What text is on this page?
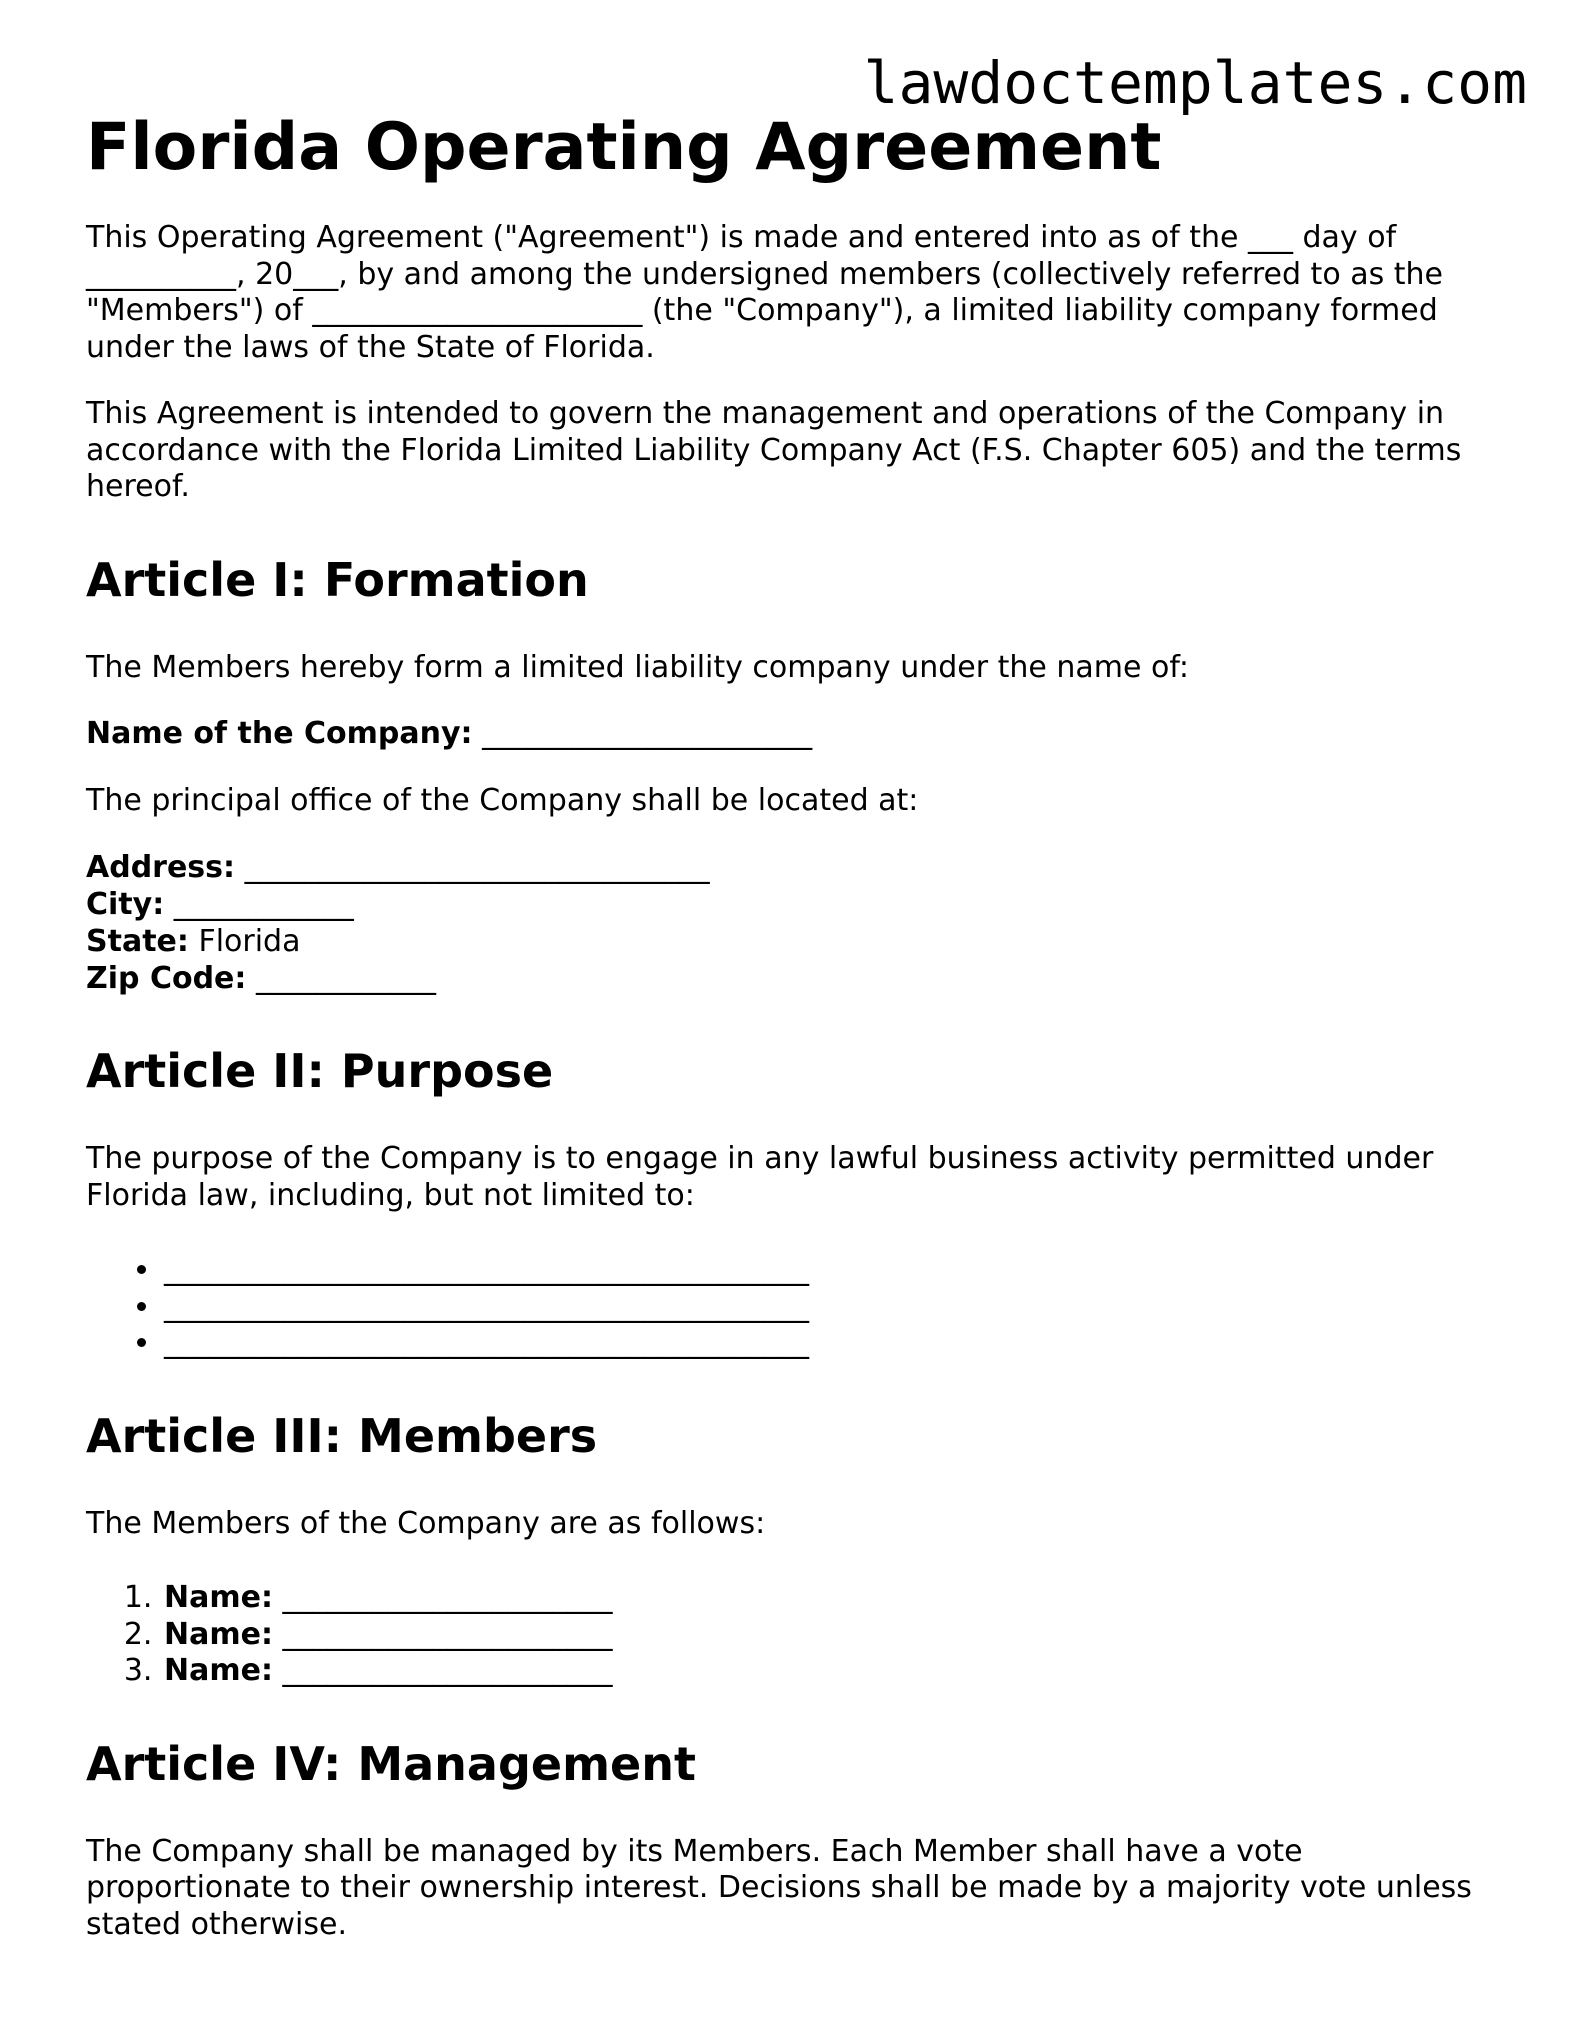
lawdoctemplates.com
Florida Operating Agreement

This Operating Agreement ("Agreement") is made and entered into as of the ___ day of __________, 20___, by and among the undersigned members (collectively referred to as the "Members") of ______________________ (the "Company"), a limited liability company formed under the laws of the State of Florida.

This Agreement is intended to govern the management and operations of the Company in accordance with the Florida Limited Liability Company Act (F.S. Chapter 605) and the terms hereof.

Article I: Formation

The Members hereby form a limited liability company under the name of:

Name of the Company: ______________________

The principal office of the Company shall be located at:

Address: _______________________________

City: ____________

State: Florida

Zip Code: ____________

Article II: Purpose

The purpose of the Company is to engage in any lawful business activity permitted under Florida law, including, but not limited to:

• ___________________________________________
• ___________________________________________
• ___________________________________________
Article III: Members

The Members of the Company are as follows:

1. Name: ______________________
2. Name: ______________________
3. Name: ______________________
Article IV: Management

The Company shall be managed by its Members. Each Member shall have a vote proportionate to their ownership interest. Decisions shall be made by a majority vote unless stated otherwise.
